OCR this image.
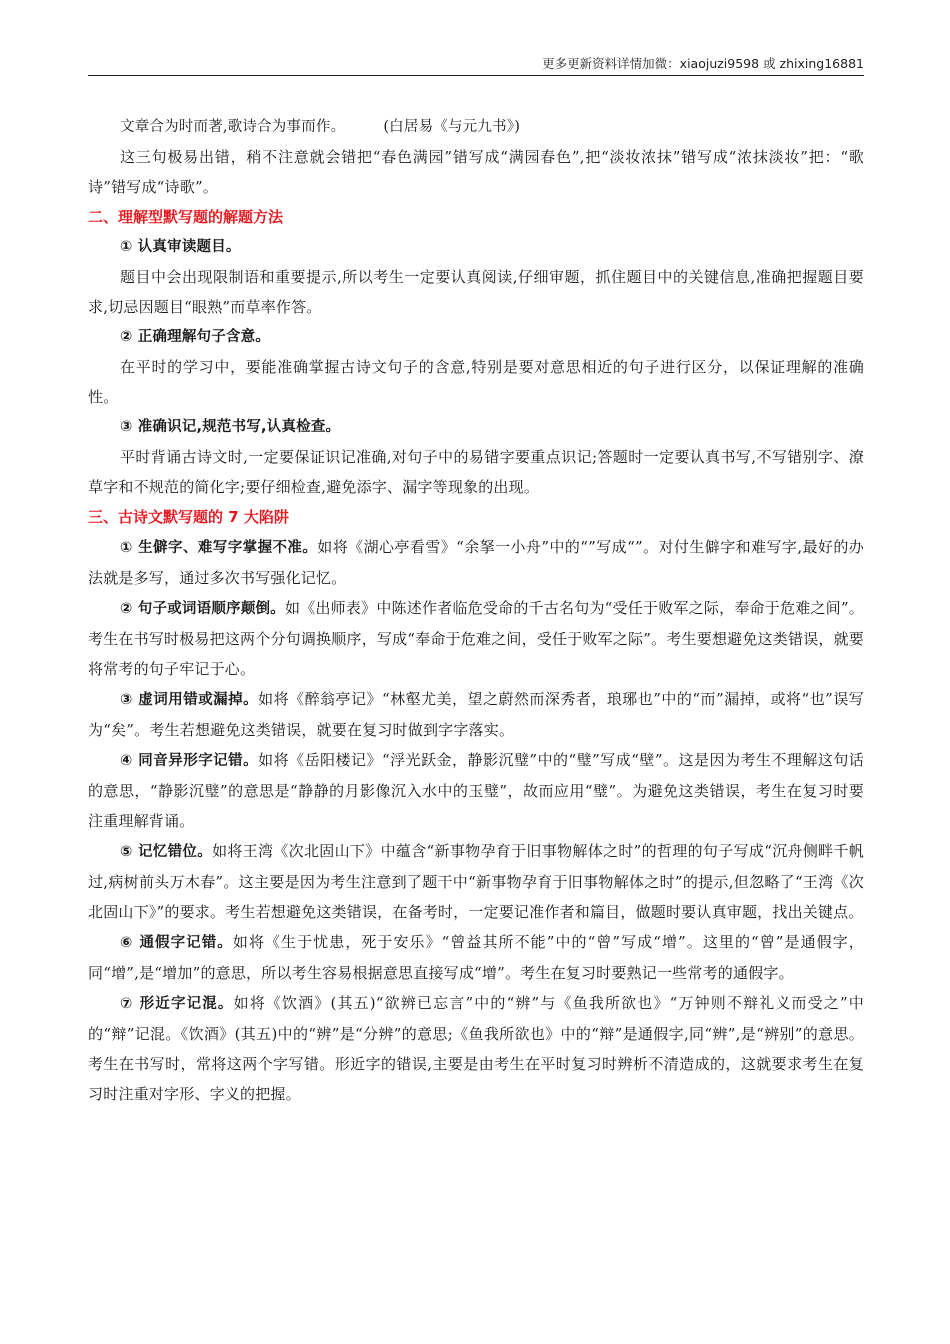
更多更新资料详情加微：xiaojuzi9598 或 zhixing16881

文章合为时而著,歌诗合为事而作。	(白居易《与元九书》)

这三句极易出错，稍不注意就会错把“春色满园”错写成“满园春色”,把“淡妆浓抹”错写成“浓抹淡妆”把：“歌诗”错写成“诗歌”。

二、理解型默写题的解题方法

① 认真审读题目。

题目中会出现限制语和重要提示,所以考生一定要认真阅读,仔细审题，抓住题目中的关键信息,准确把握题目要求,切忌因题目“眼熟”而草率作答。

② 正确理解句子含意。

在平时的学习中，要能准确掌握古诗文句子的含意,特别是要对意思相近的句子进行区分，以保证理解的准确性。

③ 准确识记,规范书写,认真检查。

平时背诵古诗文时,一定要保证识记准确,对句子中的易错字要重点识记;答题时一定要认真书写,不写错别字、潦草字和不规范的简化字;要仔细检查,避免添字、漏字等现象的出现。

三、古诗文默写题的 7 大陷阱

① 生僻字、难写字掌握不准。如将《湖心亭看雪》“余拏一小舟”中的“”写成“”。对付生僻字和难写字,最好的办法就是多写，通过多次书写强化记忆。

② 句子或词语顺序颠倒。如《出师表》中陈述作者临危受命的千古名句为“受任于败军之际，奉命于危难之间”。考生在书写时极易把这两个分句调换顺序，写成“奉命于危难之间，受任于败军之际”。考生要想避免这类错误，就要将常考的句子牢记于心。

③ 虚词用错或漏掉。如将《醉翁亭记》“林壑尤美，望之蔚然而深秀者，琅琊也”中的“而”漏掉，或将“也”误写为“矣”。考生若想避免这类错误，就要在复习时做到字字落实。

④ 同音异形字记错。如将《岳阳楼记》“浮光跃金，静影沉璧”中的“璧”写成“壁”。这是因为考生不理解这句话的意思，“静影沉璧”的意思是“静静的月影像沉入水中的玉璧”，故而应用“璧”。为避免这类错误，考生在复习时要注重理解背诵。

⑤ 记忆错位。如将王湾《次北固山下》中蕴含“新事物孕育于旧事物解体之时”的哲理的句子写成“沉舟侧畔千帆过,病树前头万木春”。这主要是因为考生注意到了题干中“新事物孕育于旧事物解体之时”的提示,但忽略了“王湾《次北固山下》”的要求。考生若想避免这类错误，在备考时，一定要记准作者和篇目，做题时要认真审题，找出关键点。

⑥ 通假字记错。如将《生于忧患，死于安乐》“曾益其所不能”中的“曾”写成“增”。这里的“曾”是通假字，同“增”,是“增加”的意思，所以考生容易根据意思直接写成“增”。考生在复习时要熟记一些常考的通假字。

⑦ 形近字记混。如将《饮酒》(其五)“欲辨已忘言”中的“辨”与《鱼我所欲也》“万钟则不辩礼义而受之”中的“辩”记混。《饮酒》(其五)中的“辨”是“分辨”的意思;《鱼我所欲也》中的“辩”是通假字,同“辨”,是“辨别”的意思。考生在书写时，常将这两个字写错。形近字的错误,主要是由考生在平时复习时辨析不清造成的，这就要求考生在复习时注重对字形、字义的把握。
